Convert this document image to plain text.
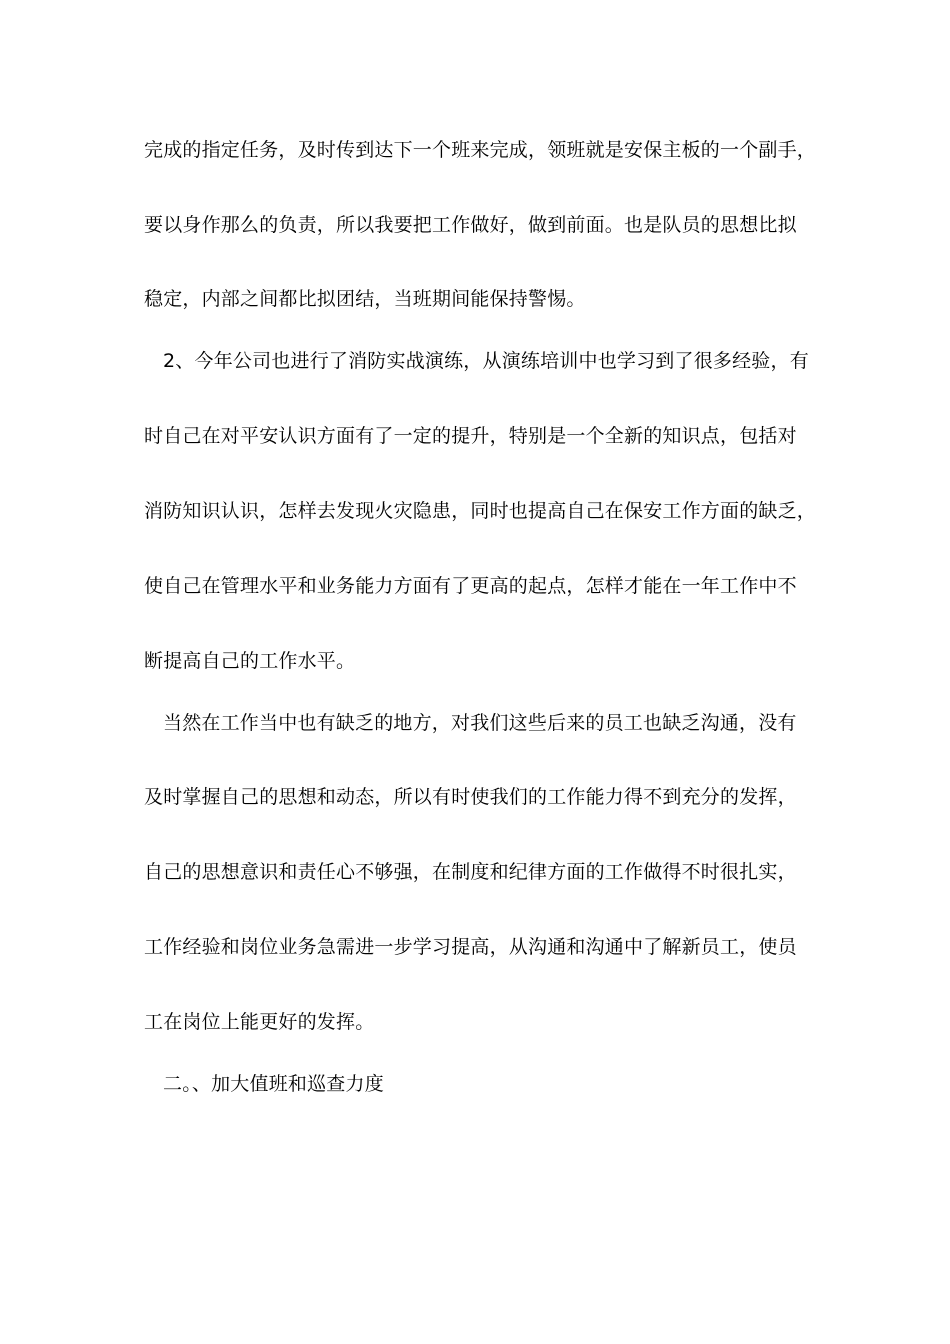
完成的指定任务，及时传到达下一个班来完成，领班就是安保主板的一个副手，
要以身作那么的负责，所以我要把工作做好，做到前面。也是队员的思想比拟
稳定，内部之间都比拟团结，当班期间能保持警惕。
2、今年公司也进行了消防实战演练，从演练培训中也学习到了很多经验，有
时自己在对平安认识方面有了一定的提升，特别是一个全新的知识点，包括对
消防知识认识，怎样去发现火灾隐患，同时也提高自己在保安工作方面的缺乏，
使自己在管理水平和业务能力方面有了更高的起点，怎样才能在一年工作中不
断提高自己的工作水平。
当然在工作当中也有缺乏的地方，对我们这些后来的员工也缺乏沟通，没有
及时掌握自己的思想和动态，所以有时使我们的工作能力得不到充分的发挥，
自己的思想意识和责任心不够强，在制度和纪律方面的工作做得不时很扎实，
工作经验和岗位业务急需进一步学习提高，从沟通和沟通中了解新员工，使员
工在岗位上能更好的发挥。
二。、加大值班和巡查力度
